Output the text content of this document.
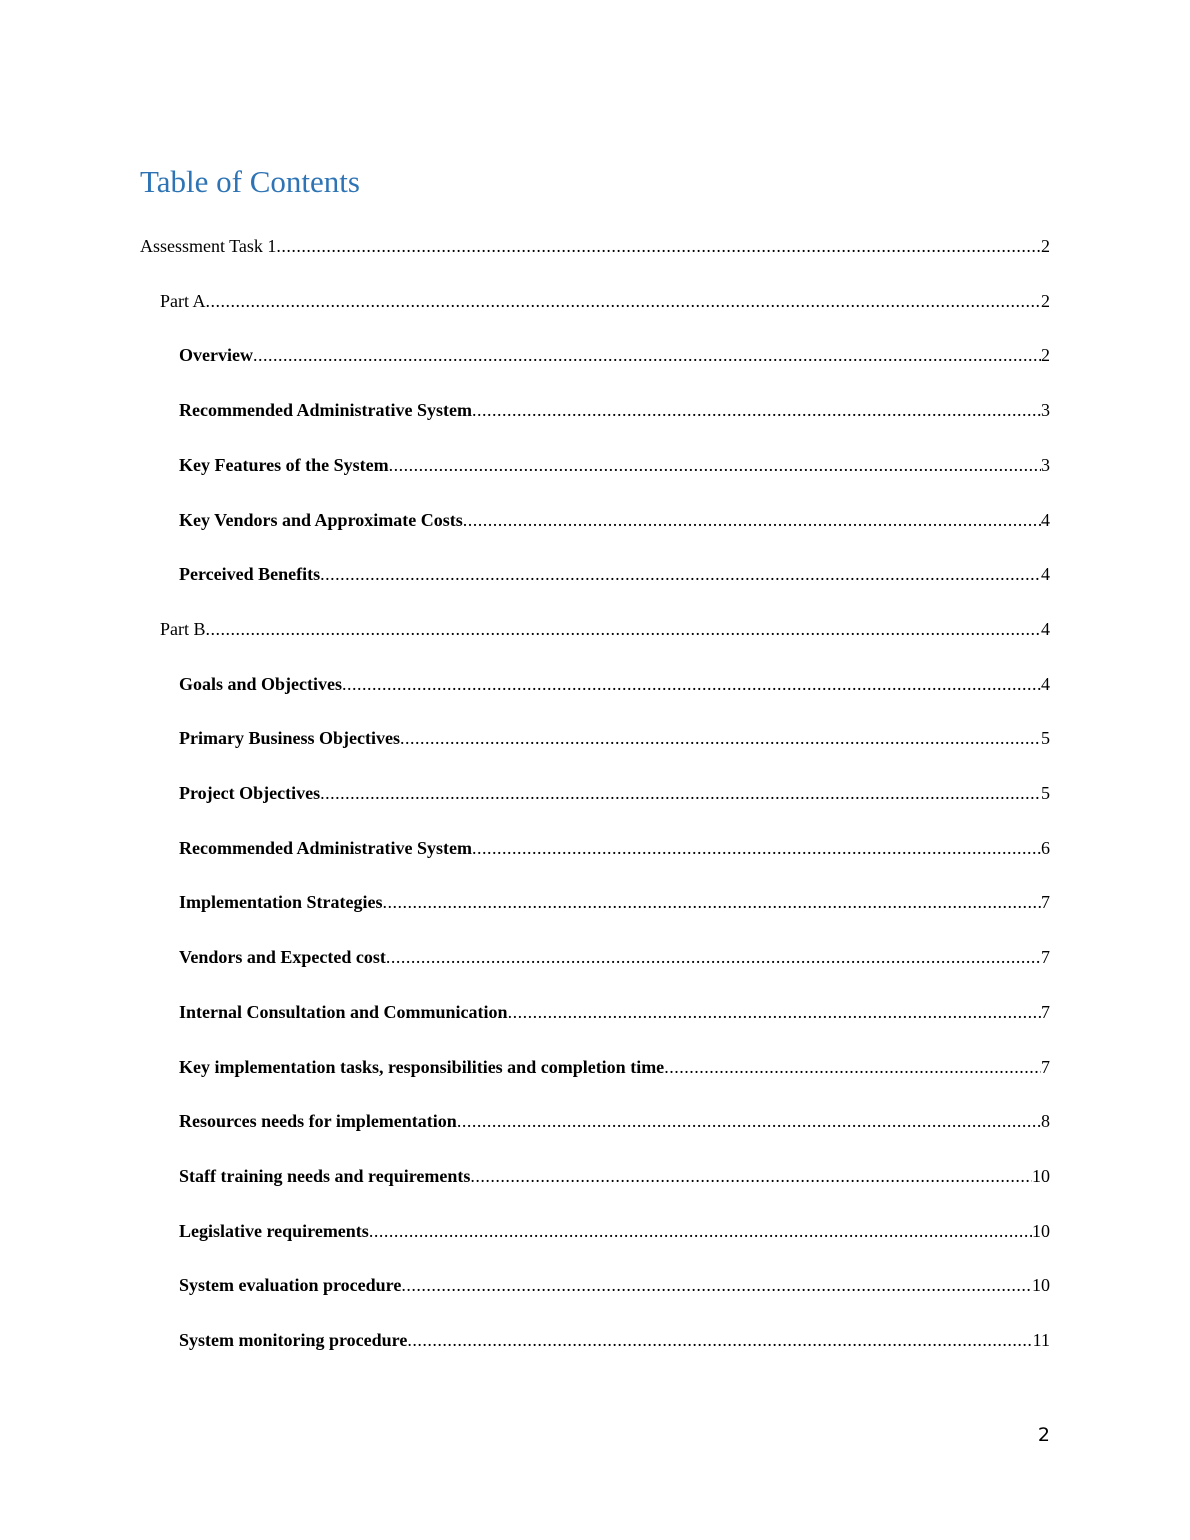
Table of Contents
Assessment Task 1 .....	2
Part A .....	2
Overview .....	2
Recommended Administrative System .....	3
Key Features of the System .....	3
Key Vendors and Approximate Costs .....	4
Perceived Benefits .....	4
Part B .....	4
Goals and Objectives .....	4
Primary Business Objectives .....	5
Project Objectives .....	5
Recommended Administrative System .....	6
Implementation Strategies .....	7
Vendors and Expected cost .....	7
Internal Consultation and Communication .....	7
Key implementation tasks, responsibilities and completion time .....	7
Resources needs for implementation .....	8
Staff training needs and requirements .....	10
Legislative requirements .....	10
System evaluation procedure .....	10
System monitoring procedure .....	11
2
